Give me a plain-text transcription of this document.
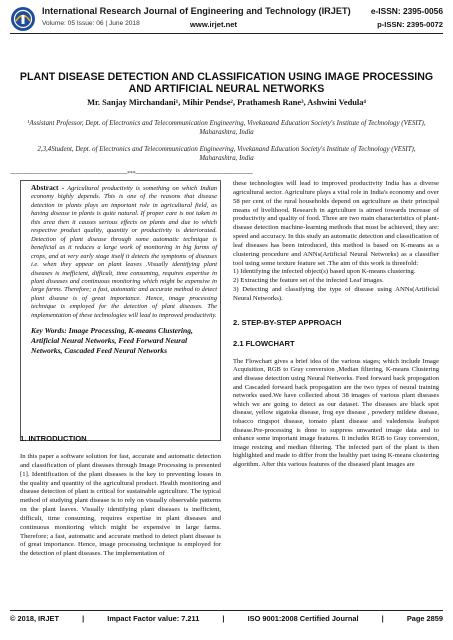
International Research Journal of Engineering and Technology (IRJET) e-ISSN: 2395-0056
Volume: 05 Issue: 06 | June 2018	www.irjet.net	p-ISSN: 2395-0072
PLANT DISEASE DETECTION AND CLASSIFICATION USING IMAGE PROCESSING AND ARTIFICIAL NEURAL NETWORKS
Mr. Sanjay Mirchandani¹, Mihir Pendse², Prathamesh Rane³, Ashwini Vedula⁴
¹Assistant Professor, Dept. of Electronics and Telecommunication Engineering, Vivekanand Education Society's Institute of Technology (VESIT), Maharashtra, India
2,3,4Student, Dept. of Electronics and Telecommunication Engineering, Vivekanand Education Society's Institute of Technology (VESIT), Maharashtra, India
---------------------------------------------------------------------***---------------------------------------------------------------------
Abstract - Agricultural productivity is something on which Indian economy highly depends. This is one of the reasons that disease detection in plants plays an important role in agricultural field, as having disease in plants is quite natural. If proper care is not taken in this area then it causes serious effects on plants and due to which respective product quality, quantity or productivity is deteriorated. Detection of plant disease through some automatic technique is beneficial as it reduces a large work of monitoring in big farms of crops, and at very early stage itself it detects the symptoms of diseases i.e. when they appear on plant leaves .Visually identifying plant diseases is inefficient, difficult, time consuming, requires expertise in plant diseases and continuous monitoring which might be expensive in large farms. Therefore; a fast, automatic and accurate method to detect plant disease is of great importance. Hence, image processing technique is employed for the detection of plant diseases. The implementation of these technologies will lead to improved productivity.
Key Words: Image Processing, K-means Clustering, Artificial Neural Networks, Feed Forward Neural Networks, Cascaded Feed Neural Networks

1. INTRODUCTION

In this paper a software solution for fast, accurate and automatic detection and classification of plant diseases through Image Processing is presented [1]. Identification of the plant diseases is the key to preventing losses in the quality and quantity of the agricultural product. Health monitoring and disease detection of plant is critical for sustainable agriculture. The typical method of studying plant disease is to rely on visually observable patterns on the plant leaves. Visually identifying plant diseases is inefficient, difficult, time consuming, requires expertise in plant diseases and continuous monitoring which might be expensive in large farms. Therefore; a fast, automatic and accurate method to detect plant disease is of great importance. Hence, image processing technique is employed for the detection of plant diseases. The implementation of

these technologies will lead to improved productivity India has a diverse agricultural sector. Agriculture plays a vital role in India's economy and over 58 per cent of the rural households depend on agriculture as their principal means of livelihood. Research in agriculture is aimed towards increase of productivity and quality of food. Three are two main characteristics of plant-disease detection machine-learning methods that must be achieved, they are: speed and accuracy. In this study an automatic detection and classification of leaf diseases has been introduced, this method is based on K-means as a clustering procedure and ANNs(Artificial Neural Networks) as a classifier tool using some texture feature set .The aim of this work is threefold:

1) Identifying the infected object(s) based upon K-means clustering.

2) Extracting the feature set of the infected Leaf images.

3) Detecting and classifying the type of disease using ANNs(Artificial Neural Networks).

2. STEP-BY-STEP APPROACH

2.1 FLOWCHART

The Flowchart gives a brief idea of the various stages; which include Image Acquisition, RGB to Gray conversion ,Median filtering, K-means Clustering and disease detection using Neural Networks. Feed forward back propogation and Cascaded forward back propogation are the two types of neural training networks used.We have collected about 38 images of various plant diseases which we are going to detect as our dataset. The diseases are black spot disease, yellow sigatoka disease, frog eye disease , powdery mildew disease, tobacco ringspot disease, tomato plant disease and valedensia leafspot disease.Pre-processing is done to suppress unwanted image data and to enhance some important image features. It includes RGB to Gray conversion, image resizing and median filtering. The infected part of the plant is then highlighted and made to differ from the healthy part using K-means clustering algorithm. After this various features of the diseased plant images are

© 2018, IRJET	|	Impact Factor value: 7.211	|	ISO 9001:2008 Certified Journal	|	Page 2859
